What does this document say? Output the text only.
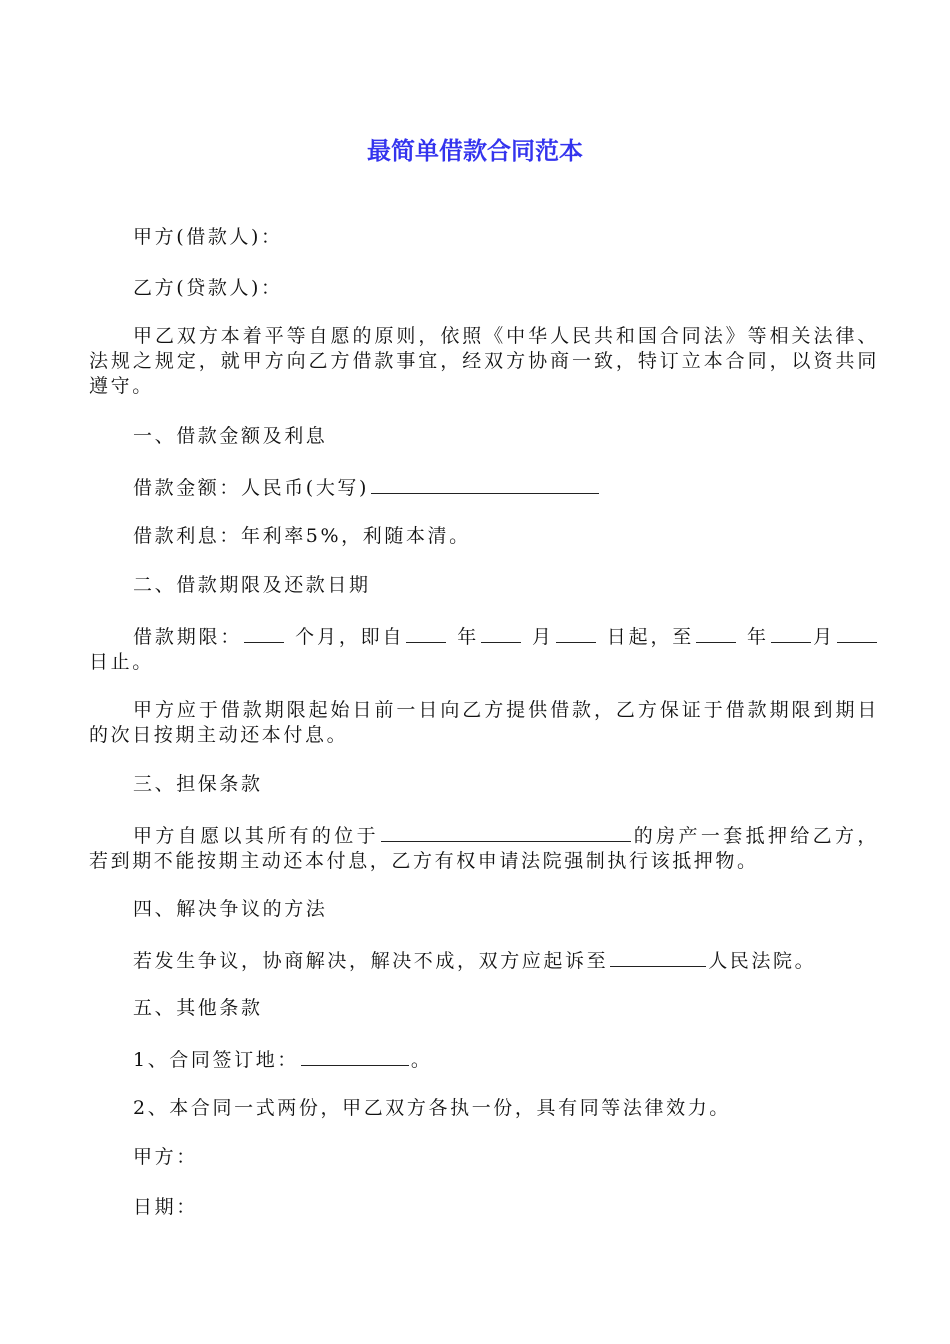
最简单借款合同范本
甲方(借款人)：
乙方(贷款人)：
甲乙双方本着平等自愿的原则，依照《中华人民共和国合同法》等相关法律、法规之规定，就甲方向乙方借款事宜，经双方协商一致，特订立本合同，以资共同遵守。
一、借款金额及利息
借款金额：人民币(大写)
借款利息：年利率5%，利随本清。
二、借款期限及还款日期
借款期限：	个月，即自	年	月	日起，至	年 月 日止。
甲方应于借款期限起始日前一日向乙方提供借款，乙方保证于借款期限到期日的次日按期主动还本付息。
三、担保条款
甲方自愿以其所有的位于	的房产一套抵押给乙方，若到期不能按期主动还本付息，乙方有权申请法院强制执行该抵押物。
四、解决争议的方法
若发生争议，协商解决，解决不成，双方应起诉至	人民法院。
五、其他条款
1、合同签订地：	。
2、本合同一式两份，甲乙双方各执一份，具有同等法律效力。
甲方：
日期：
